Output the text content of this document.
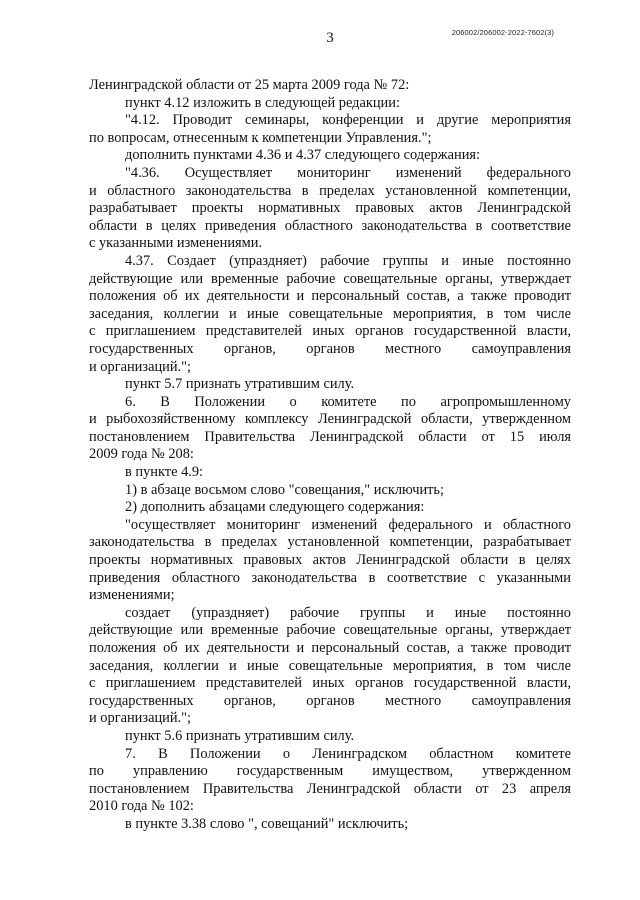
206002/206002-2022-7602(3)
3

Ленинградской области от 25 марта 2009 года № 72:

пункт 4.12 изложить в следующей редакции:

"4.12. Проводит семинары, конференции и другие мероприятия

по вопросам, отнесенным к компетенции Управления.";

дополнить пунктами 4.36 и 4.37 следующего содержания:

"4.36. Осуществляет мониторинг изменений федерального

и областного законодательства в пределах установленной компетенции,

разрабатывает проекты нормативных правовых актов Ленинградской

области в целях приведения областного законодательства в соответствие

с указанными изменениями.

4.37. Создает (упраздняет) рабочие группы и иные постоянно

действующие или временные рабочие совещательные органы, утверждает

положения об их деятельности и персональный состав, а также проводит

заседания, коллегии и иные совещательные мероприятия, в том числе

с приглашением представителей иных органов государственной власти,

государственных органов, органов местного самоуправления

и организаций.";

пункт 5.7 признать утратившим силу.

6. В Положении о комитете по агропромышленному

и рыбохозяйственному комплексу Ленинградской области, утвержденном

постановлением Правительства Ленинградской области от 15 июля

2009 года № 208:

в пункте 4.9:

1) в абзаце восьмом слово "совещания," исключить;

2) дополнить абзацами следующего содержания:

"осуществляет мониторинг изменений федерального и областного

законодательства в пределах установленной компетенции, разрабатывает

проекты нормативных правовых актов Ленинградской области в целях

приведения областного законодательства в соответствие с указанными

изменениями;

создает (упраздняет) рабочие группы и иные постоянно

действующие или временные рабочие совещательные органы, утверждает

положения об их деятельности и персональный состав, а также проводит

заседания, коллегии и иные совещательные мероприятия, в том числе

с приглашением представителей иных органов государственной власти,

государственных органов, органов местного самоуправления

и организаций.";

пункт 5.6 признать утратившим силу.

7. В Положении о Ленинградском областном комитете

по управлению государственным имуществом, утвержденном

постановлением Правительства Ленинградской области от 23 апреля

2010 года № 102:

в пункте 3.38 слово ", совещаний" исключить;
